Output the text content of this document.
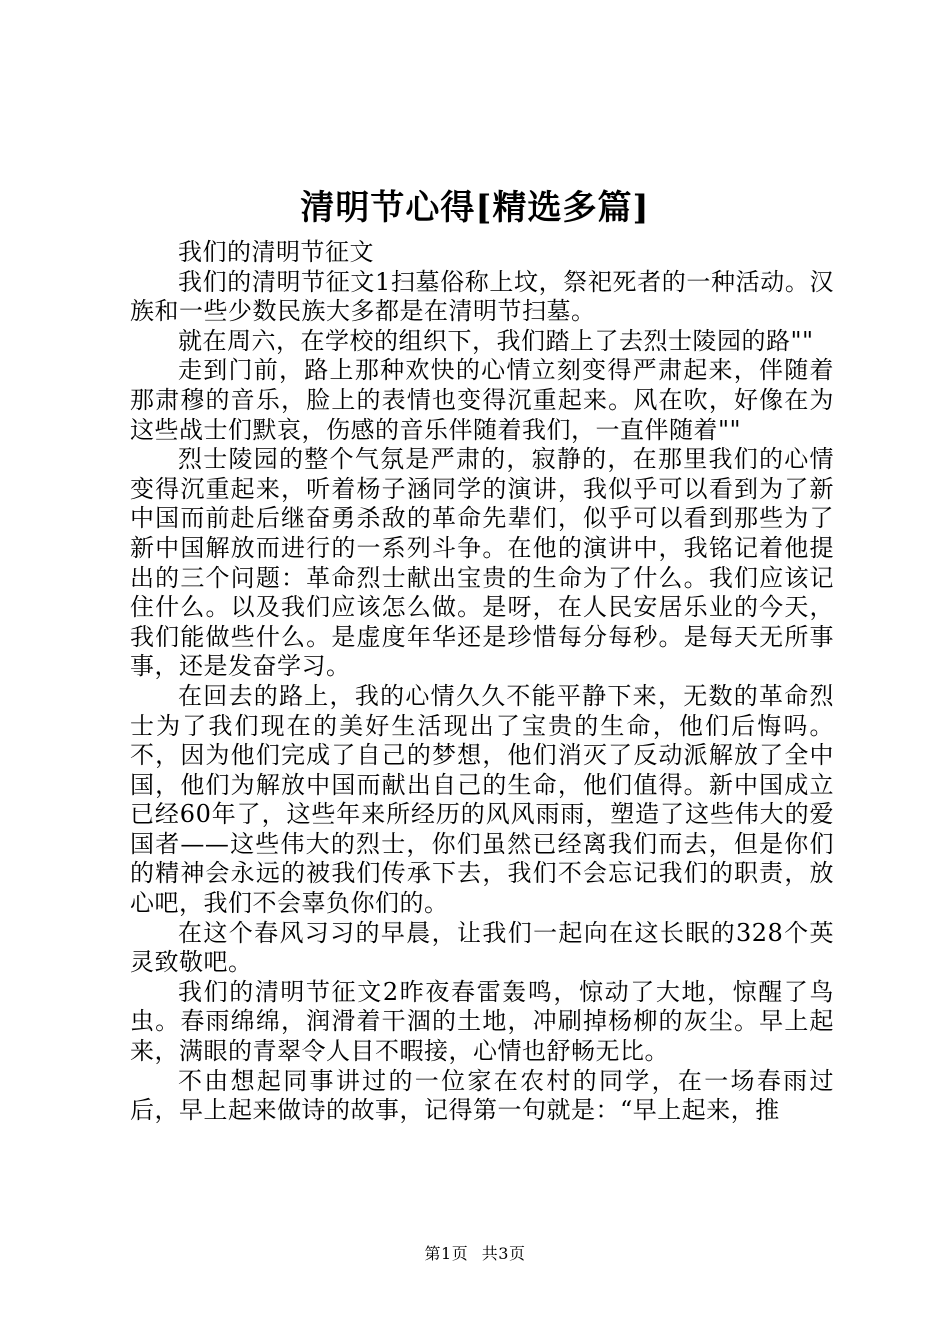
清明节心得[精选多篇]

我们的清明节征文

我们的清明节征文1扫墓俗称上坟，祭祀死者的一种活动。汉族和一些少数民族大多都是在清明节扫墓。

就在周六，在学校的组织下，我们踏上了去烈士陵园的路""

走到门前，路上那种欢快的心情立刻变得严肃起来，伴随着那肃穆的音乐，脸上的表情也变得沉重起来。风在吹，好像在为这些战士们默哀，伤感的音乐伴随着我们，一直伴随着""

烈士陵园的整个气氛是严肃的，寂静的，在那里我们的心情变得沉重起来，听着杨子涵同学的演讲，我似乎可以看到为了新中国而前赴后继奋勇杀敌的革命先辈们，似乎可以看到那些为了新中国解放而进行的一系列斗争。在他的演讲中，我铭记着他提出的三个问题：革命烈士献出宝贵的生命为了什么。我们应该记住什么。以及我们应该怎么做。是呀，在人民安居乐业的今天，我们能做些什么。是虚度年华还是珍惜每分每秒。是每天无所事事，还是发奋学习。

在回去的路上，我的心情久久不能平静下来，无数的革命烈士为了我们现在的美好生活现出了宝贵的生命，他们后悔吗。不，因为他们完成了自己的梦想，他们消灭了反动派解放了全中国，他们为解放中国而献出自己的生命，他们值得。新中国成立已经60年了，这些年来所经历的风风雨雨，塑造了这些伟大的爱国者——这些伟大的烈士，你们虽然已经离我们而去，但是你们的精神会永远的被我们传承下去，我们不会忘记我们的职责，放心吧，我们不会辜负你们的。

在这个春风习习的早晨，让我们一起向在这长眠的328个英灵致敬吧。

我们的清明节征文2昨夜春雷轰鸣，惊动了大地，惊醒了鸟虫。春雨绵绵，润滑着干涸的土地，冲刷掉杨柳的灰尘。早上起来，满眼的青翠令人目不暇接，心情也舒畅无比。

不由想起同事讲过的一位家在农村的同学，在一场春雨过后，早上起来做诗的故事，记得第一句就是：“早上起来，推

第1页 共3页
